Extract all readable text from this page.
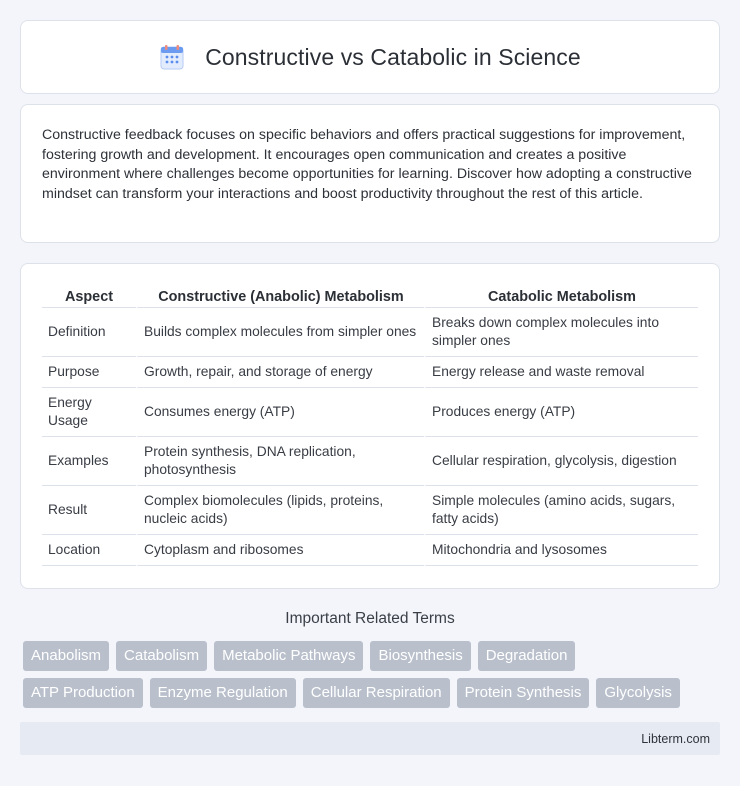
Constructive vs Catabolic in Science

Constructive feedback focuses on specific behaviors and offers practical suggestions for improvement, fostering growth and development. It encourages open communication and creates a positive environment where challenges become opportunities for learning. Discover how adopting a constructive mindset can transform your interactions and boost productivity throughout the rest of this article.

Aspect	Constructive (Anabolic) Metabolism	Catabolic Metabolism
Definition	Builds complex molecules from simpler ones	Breaks down complex molecules into simpler ones
Purpose	Growth, repair, and storage of energy	Energy release and waste removal
Energy Usage	Consumes energy (ATP)	Produces energy (ATP)
Examples	Protein synthesis, DNA replication, photosynthesis	Cellular respiration, glycolysis, digestion
Result	Complex biomolecules (lipids, proteins, nucleic acids)	Simple molecules (amino acids, sugars, fatty acids)
Location	Cytoplasm and ribosomes	Mitochondria and lysosomes
Important Related Terms
Anabolism	Catabolism	Metabolic Pathways	Biosynthesis	Degradation
ATP Production	Enzyme Regulation	Cellular Respiration	Protein Synthesis	Glycolysis
Libterm.com
